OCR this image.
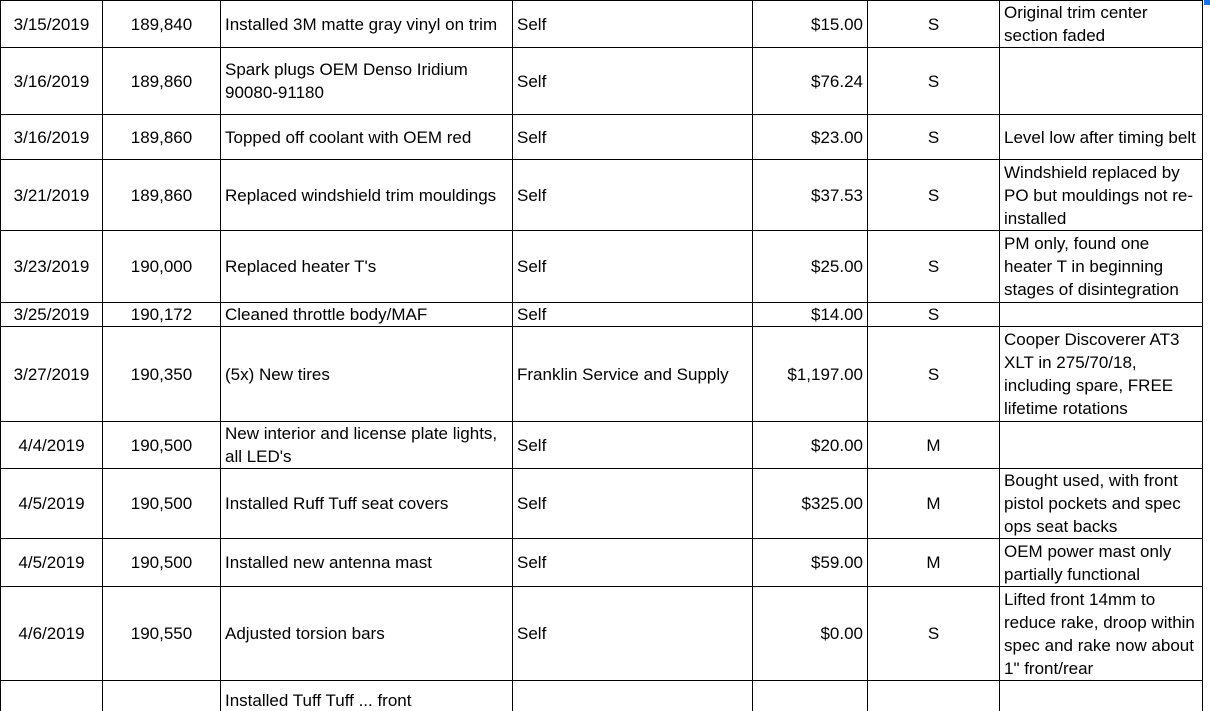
3/15/2019	189,840	Installed 3M matte gray vinyl on trim	Self	$15.00	S	Original trim center section faded
3/16/2019	189,860	Spark plugs OEM Denso Iridium 90080-91180	Self	$76.24	S	
3/16/2019	189,860	Topped off coolant with OEM red	Self	$23.00	S	Level low after timing belt
3/21/2019	189,860	Replaced windshield trim mouldings	Self	$37.53	S	Windshield replaced by PO but mouldings not re-installed
3/23/2019	190,000	Replaced heater T's	Self	$25.00	S	PM only, found one heater T in beginning stages of disintegration
3/25/2019	190,172	Cleaned throttle body/MAF	Self	$14.00	S	
3/27/2019	190,350	(5x) New tires	Franklin Service and Supply	$1,197.00	S	Cooper Discoverer AT3 XLT in 275/70/18, including spare, FREE lifetime rotations
4/4/2019	190,500	New interior and license plate lights, all LED's	Self	$20.00	M	
4/5/2019	190,500	Installed Ruff Tuff seat covers	Self	$325.00	M	Bought used, with front pistol pockets and spec ops seat backs
4/5/2019	190,500	Installed new antenna mast	Self	$59.00	M	OEM power mast only partially functional
4/6/2019	190,550	Adjusted torsion bars	Self	$0.00	S	Lifted front 14mm to reduce rake, droop within spec and rake now about 1" front/rear
		Installed Tuff Tuff ... front				
